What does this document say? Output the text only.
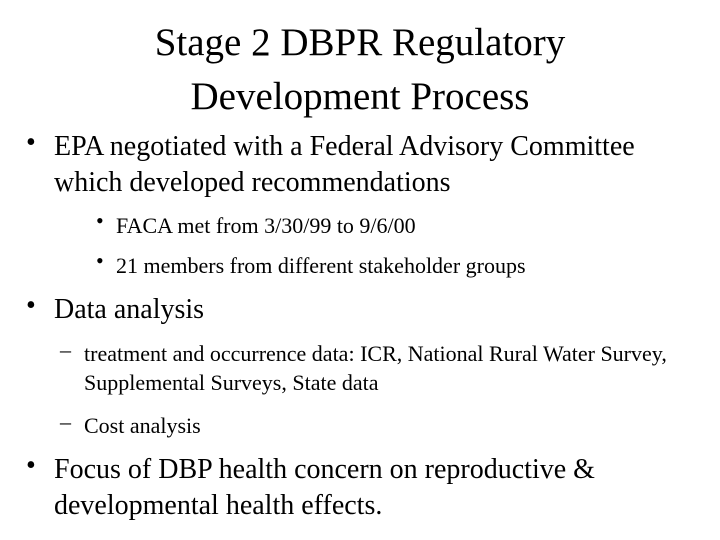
Stage 2 DBPR Regulatory
Development Process
• EPA negotiated with a Federal Advisory Committee which developed recommendations
• FACA met from 3/30/99 to 9/6/00
• 21 members from different stakeholder groups
• Data analysis
– treatment and occurrence data: ICR, National Rural Water Survey, Supplemental Surveys, State data
– Cost analysis
• Focus of DBP health concern on reproductive & developmental health effects.
